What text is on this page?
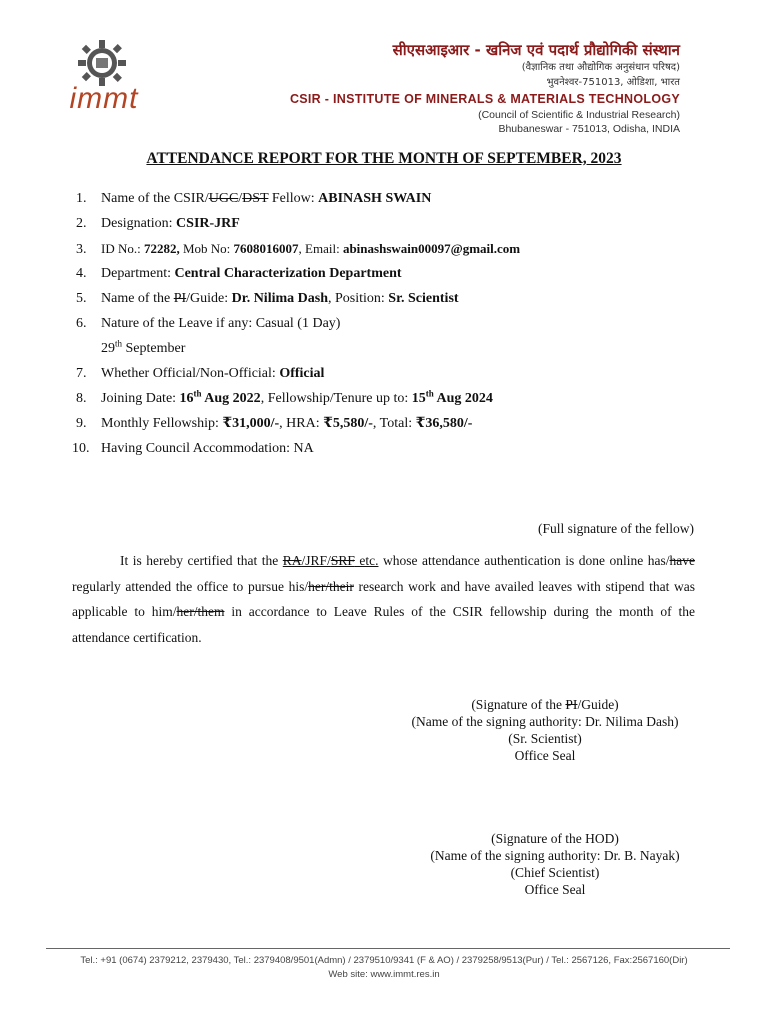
immt
सीएसआइआर - खनिज एवं पदार्थ प्रौद्योगिकी संस्थान
(वैज्ञानिक तथा औद्योगिक अनुसंधान परिषद)
भुवनेश्वर-751013, ओडिशा, भारत
CSIR - INSTITUTE OF MINERALS & MATERIALS TECHNOLOGY
(Council of Scientific & Industrial Research)
Bhubaneswar - 751013, Odisha, INDIA
ATTENDANCE REPORT FOR THE MONTH OF SEPTEMBER, 2023
1. Name of the CSIR/UGC/DST Fellow: ABINASH SWAIN
2. Designation: CSIR-JRF
3. ID No.: 72282, Mob No: 7608016007, Email: abinashswain00097@gmail.com
4. Department: Central Characterization Department
5. Name of the PI/Guide: Dr. Nilima Dash, Position: Sr. Scientist
6. Nature of the Leave if any: Casual (1 Day)
29th September
7. Whether Official/Non-Official: Official
8. Joining Date: 16th Aug 2022, Fellowship/Tenure up to: 15th Aug 2024
9. Monthly Fellowship: ₹31,000/-, HRA: ₹5,580/-, Total: ₹36,580/-
10. Having Council Accommodation: NA
(Full signature of the fellow)
It is hereby certified that the RA/JRF/SRF etc. whose attendance authentication is done online has/have regularly attended the office to pursue his/her/their research work and have availed leaves with stipend that was applicable to him/her/them in accordance to Leave Rules of the CSIR fellowship during the month of the attendance certification.
(Signature of the PI/Guide)
(Name of the signing authority: Dr. Nilima Dash)
(Sr. Scientist)
Office Seal
(Signature of the HOD)
(Name of the signing authority: Dr. B. Nayak)
(Chief Scientist)
Office Seal
Tel.: +91 (0674) 2379212, 2379430, Tel.: 2379408/9501(Admn) / 2379510/9341 (F & AO) / 2379258/9513(Pur) / Tel.: 2567126, Fax:2567160(Dir)
Web site: www.immt.res.in
